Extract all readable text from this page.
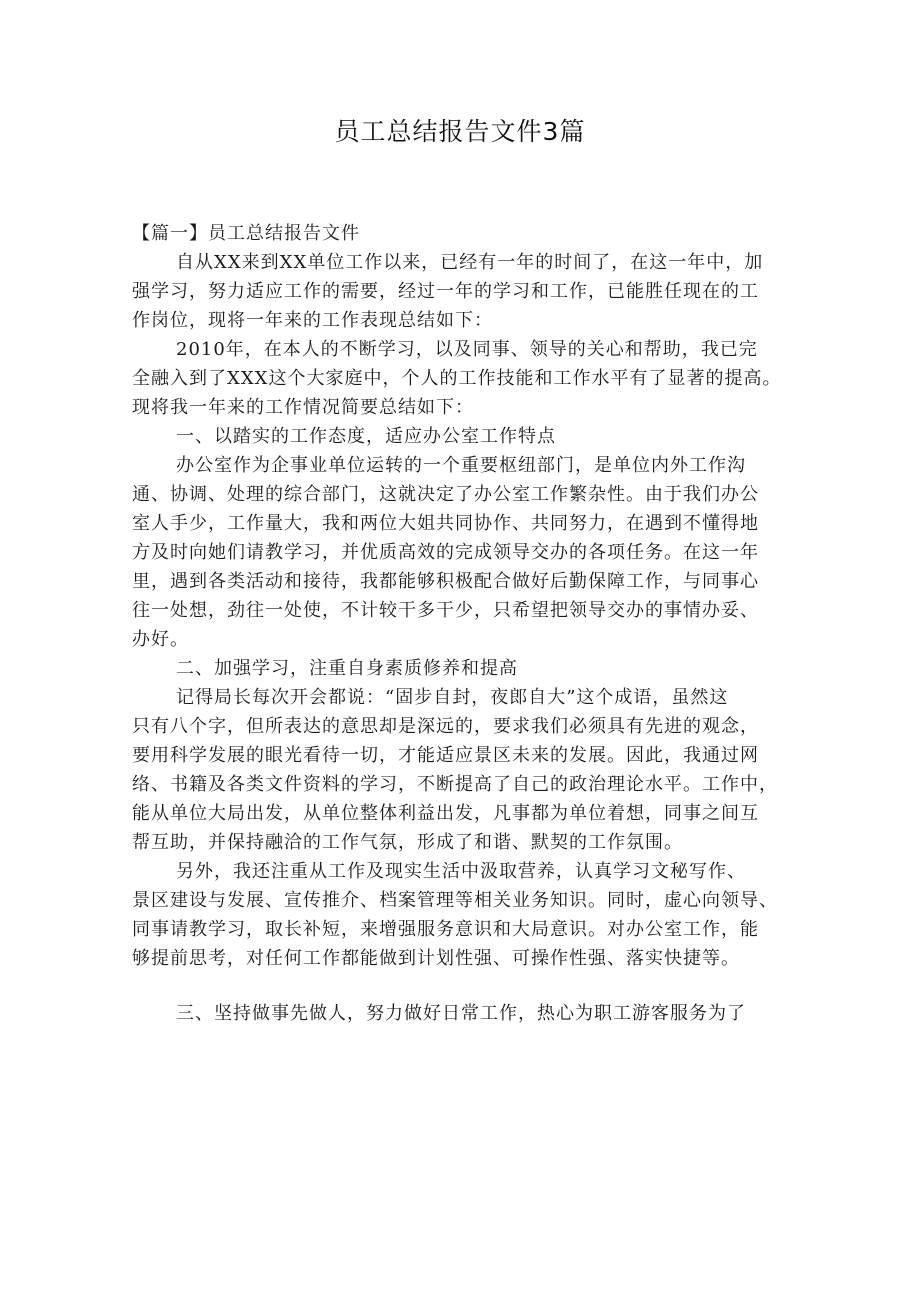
员工总结报告文件3篇
【篇一】员工总结报告文件
自从XX来到XX单位工作以来，已经有一年的时间了，在这一年中，加
强学习，努力适应工作的需要，经过一年的学习和工作，已能胜任现在的工
作岗位，现将一年来的工作表现总结如下：
2010年，在本人的不断学习，以及同事、领导的关心和帮助，我已完
全融入到了XXX这个大家庭中，个人的工作技能和工作水平有了显著的提高。
现将我一年来的工作情况简要总结如下：
一、以踏实的工作态度，适应办公室工作特点
办公室作为企事业单位运转的一个重要枢纽部门，是单位内外工作沟
通、协调、处理的综合部门，这就决定了办公室工作繁杂性。由于我们办公
室人手少，工作量大，我和两位大姐共同协作、共同努力，在遇到不懂得地
方及时向她们请教学习，并优质高效的完成领导交办的各项任务。在这一年
里，遇到各类活动和接待，我都能够积极配合做好后勤保障工作，与同事心
往一处想，劲往一处使，不计较干多干少，只希望把领导交办的事情办妥、
办好。
二、加强学习，注重自身素质修养和提高
记得局长每次开会都说：“固步自封，夜郎自大”这个成语，虽然这
只有八个字，但所表达的意思却是深远的，要求我们必须具有先进的观念，
要用科学发展的眼光看待一切，才能适应景区未来的发展。因此，我通过网
络、书籍及各类文件资料的学习，不断提高了自己的政治理论水平。工作中，
能从单位大局出发，从单位整体利益出发，凡事都为单位着想，同事之间互
帮互助，并保持融洽的工作气氛，形成了和谐、默契的工作氛围。
另外，我还注重从工作及现实生活中汲取营养，认真学习文秘写作、
景区建设与发展、宣传推介、档案管理等相关业务知识。同时，虚心向领导、
同事请教学习，取长补短，来增强服务意识和大局意识。对办公室工作，能
够提前思考，对任何工作都能做到计划性强、可操作性强、落实快捷等。
三、坚持做事先做人，努力做好日常工作，热心为职工游客服务为了
